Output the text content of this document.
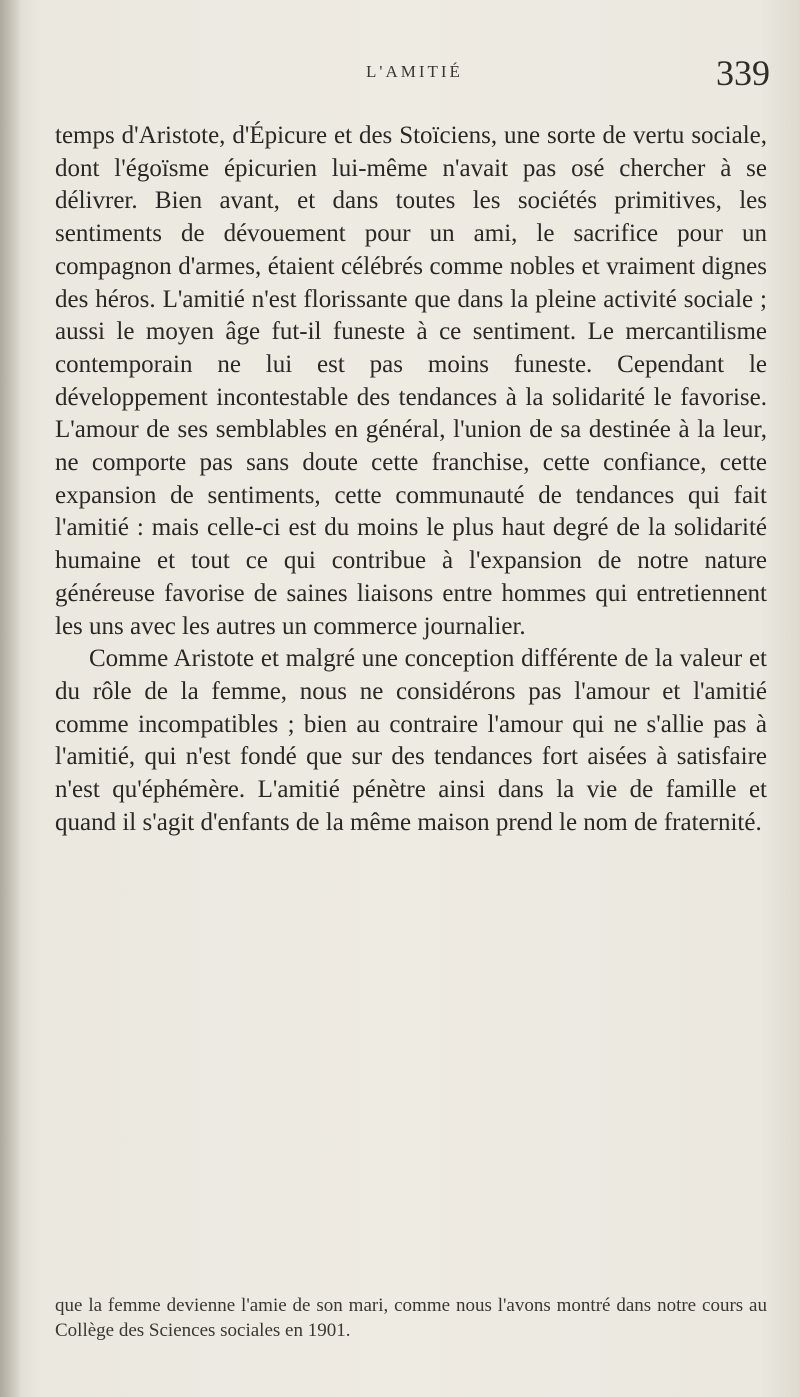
L'AMITIÉ	339

temps d'Aristote, d'Épicure et des Stoïciens, une sorte de vertu sociale, dont l'égoïsme épicurien lui-même n'avait pas osé chercher à se délivrer. Bien avant, et dans toutes les sociétés primitives, les sentiments de dévouement pour un ami, le sacrifice pour un compagnon d'armes, étaient célébrés comme nobles et vraiment dignes des héros. L'amitié n'est florissante que dans la pleine activité sociale ; aussi le moyen âge fut-il funeste à ce sentiment. Le mercantilisme contemporain ne lui est pas moins funeste. Cependant le développement incontestable des tendances à la solidarité le favorise. L'amour de ses semblables en général, l'union de sa destinée à la leur, ne comporte pas sans doute cette franchise, cette confiance, cette expansion de sentiments, cette communauté de tendances qui fait l'amitié : mais celle-ci est du moins le plus haut degré de la solidarité humaine et tout ce qui contribue à l'expansion de notre nature généreuse favorise de saines liaisons entre hommes qui entretiennent les uns avec les autres un commerce journalier.

Comme Aristote et malgré une conception différente de la valeur et du rôle de la femme, nous ne considérons pas l'amour et l'amitié comme incompatibles ; bien au contraire l'amour qui ne s'allie pas à l'amitié, qui n'est fondé que sur des tendances fort aisées à satisfaire n'est qu'éphémère. L'amitié pénètre ainsi dans la vie de famille et quand il s'agit d'enfants de la même maison prend le nom de fraternité.

que la femme devienne l'amie de son mari, comme nous l'avons montré dans notre cours au Collège des Sciences sociales en 1901.
